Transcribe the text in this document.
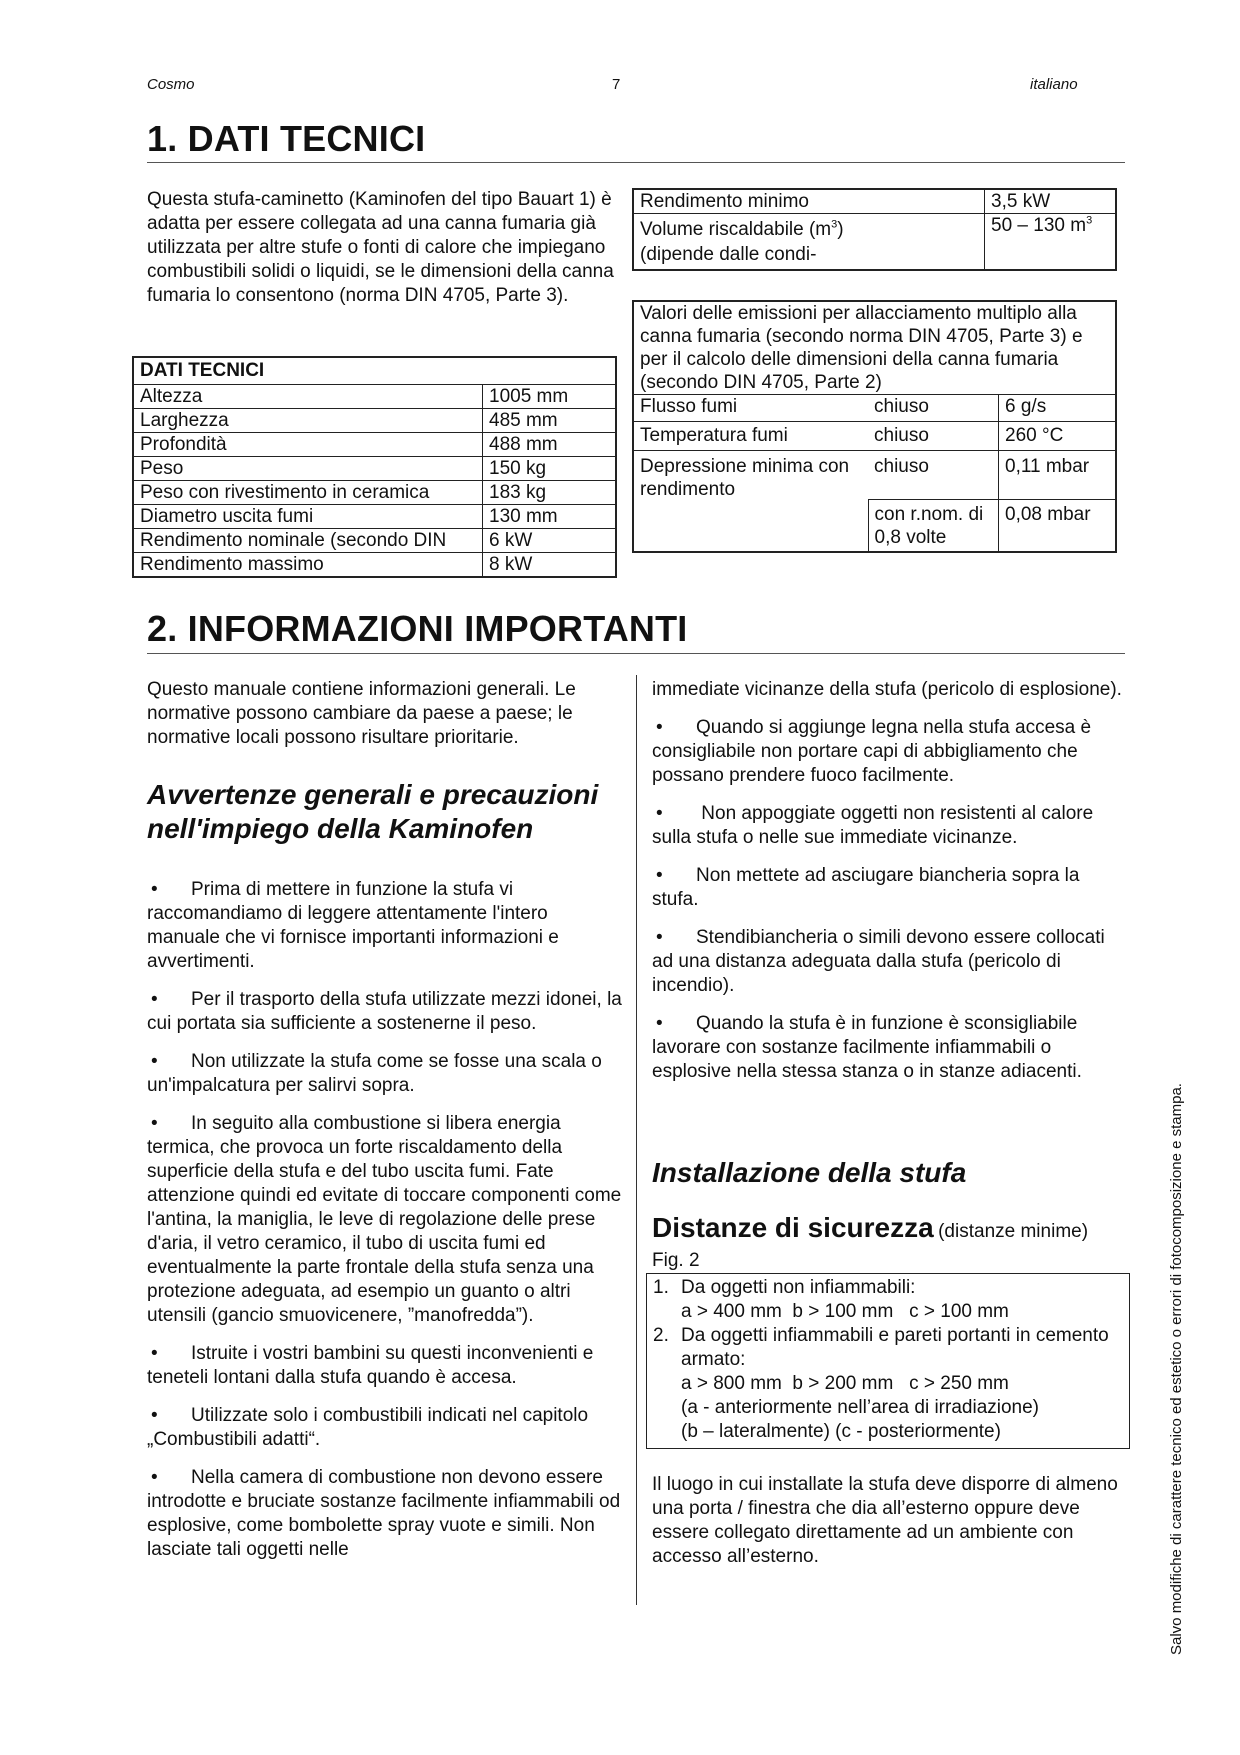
Cosmo	7	italiano
1. DATI TECNICI

Questa stufa-caminetto (Kaminofen del tipo Bauart 1) è adatta per essere collegata ad una canna fumaria già utilizzata per altre stufe o fonti di calore che impiegano combustibili solidi o liquidi, se le dimensioni della canna fumaria lo consentono (norma DIN 4705, Parte 3).

DATI TECNICI	
Altezza	1005 mm
Larghezza	485 mm
Profondità	488 mm
Peso	150 kg
Peso con rivestimento in ceramica	183 kg
Diametro uscita fumi	130 mm
Rendimento nominale (secondo DIN	6 kW
Rendimento massimo	8 kW
Rendimento minimo	3,5 kW
Volume riscaldabile $(m^3)$
(dipende dalle condi-	50 – 130 $m^3$
Valori delle emissioni per allacciamento multiplo alla canna fumaria (secondo norma DIN 4705, Parte 3) e per il calcolo delle dimensioni della canna fumaria (secondo DIN 4705, Parte 2)		
Flusso fumi	chiuso	6 g/s
Temperatura fumi	chiuso	260 °C
Depressione minima con rendimento	chiuso	0,11 mbar
	con r.nom. di 0,8 volte	0,08 mbar
2. INFORMAZIONI IMPORTANTI

Questo manuale contiene informazioni generali. Le normative possono cambiare da paese a paese; le normative locali possono risultare prioritarie.

Avvertenze generali e precauzioni nell'impiego della Kaminofen

• Prima di mettere in funzione la stufa vi raccomandiamo di leggere attentamente l'intero manuale che vi fornisce importanti informazioni e avvertimenti.

• Per il trasporto della stufa utilizzate mezzi idonei, la cui portata sia sufficiente a sostenerne il peso.

• Non utilizzate la stufa come se fosse una scala o un'impalcatura per salirvi sopra.

• In seguito alla combustione si libera energia termica, che provoca un forte riscaldamento della superficie della stufa e del tubo uscita fumi. Fate attenzione quindi ed evitate di toccare componenti come l'antina, la maniglia, le leve di regolazione delle prese d'aria, il vetro ceramico, il tubo di uscita fumi ed eventualmente la parte frontale della stufa senza una protezione adeguata, ad esempio un guanto o altri utensili (gancio smuovicenere, ”manofredda”).

• Istruite i vostri bambini su questi inconvenienti e teneteli lontani dalla stufa quando è accesa.

• Utilizzate solo i combustibili indicati nel capitolo „Combustibili adatti“.

• Nella camera di combustione non devono essere introdotte e bruciate sostanze facilmente infiammabili od esplosive, come bombolette spray vuote e simili. Non lasciate tali oggetti nelle

immediate vicinanze della stufa (pericolo di esplosione).

• Quando si aggiunge legna nella stufa accesa è consigliabile non portare capi di abbigliamento che possano prendere fuoco facilmente.

• Non appoggiate oggetti non resistenti al calore sulla stufa o nelle sue immediate vicinanze.

• Non mettete ad asciugare biancheria sopra la stufa.

• Stendibiancheria o simili devono essere collocati ad una distanza adeguata dalla stufa (pericolo di incendio).

• Quando la stufa è in funzione è sconsigliabile lavorare con sostanze facilmente infiammabili o esplosive nella stessa stanza o in stanze adiacenti.

Installazione della stufa
Distanze di sicurezza (distanze minime)

Fig. 2

1. Da oggetti non infiammabili:
a > 400 mm  b > 100 mm   c > 100 mm
2. Da oggetti infiammabili e pareti portanti in cemento armato:
a > 800 mm  b > 200 mm   c > 250 mm
(a - anteriormente nell’area di irradiazione)
(b – lateralmente) (c - posteriormente)

Il luogo in cui installate la stufa deve disporre di almeno una porta / finestra che dia all’esterno oppure deve essere collegato direttamente ad un ambiente con accesso all’esterno.	Salvo modifiche di carattere tecnico ed estetico o errori di fotocomposizione e stampa.
